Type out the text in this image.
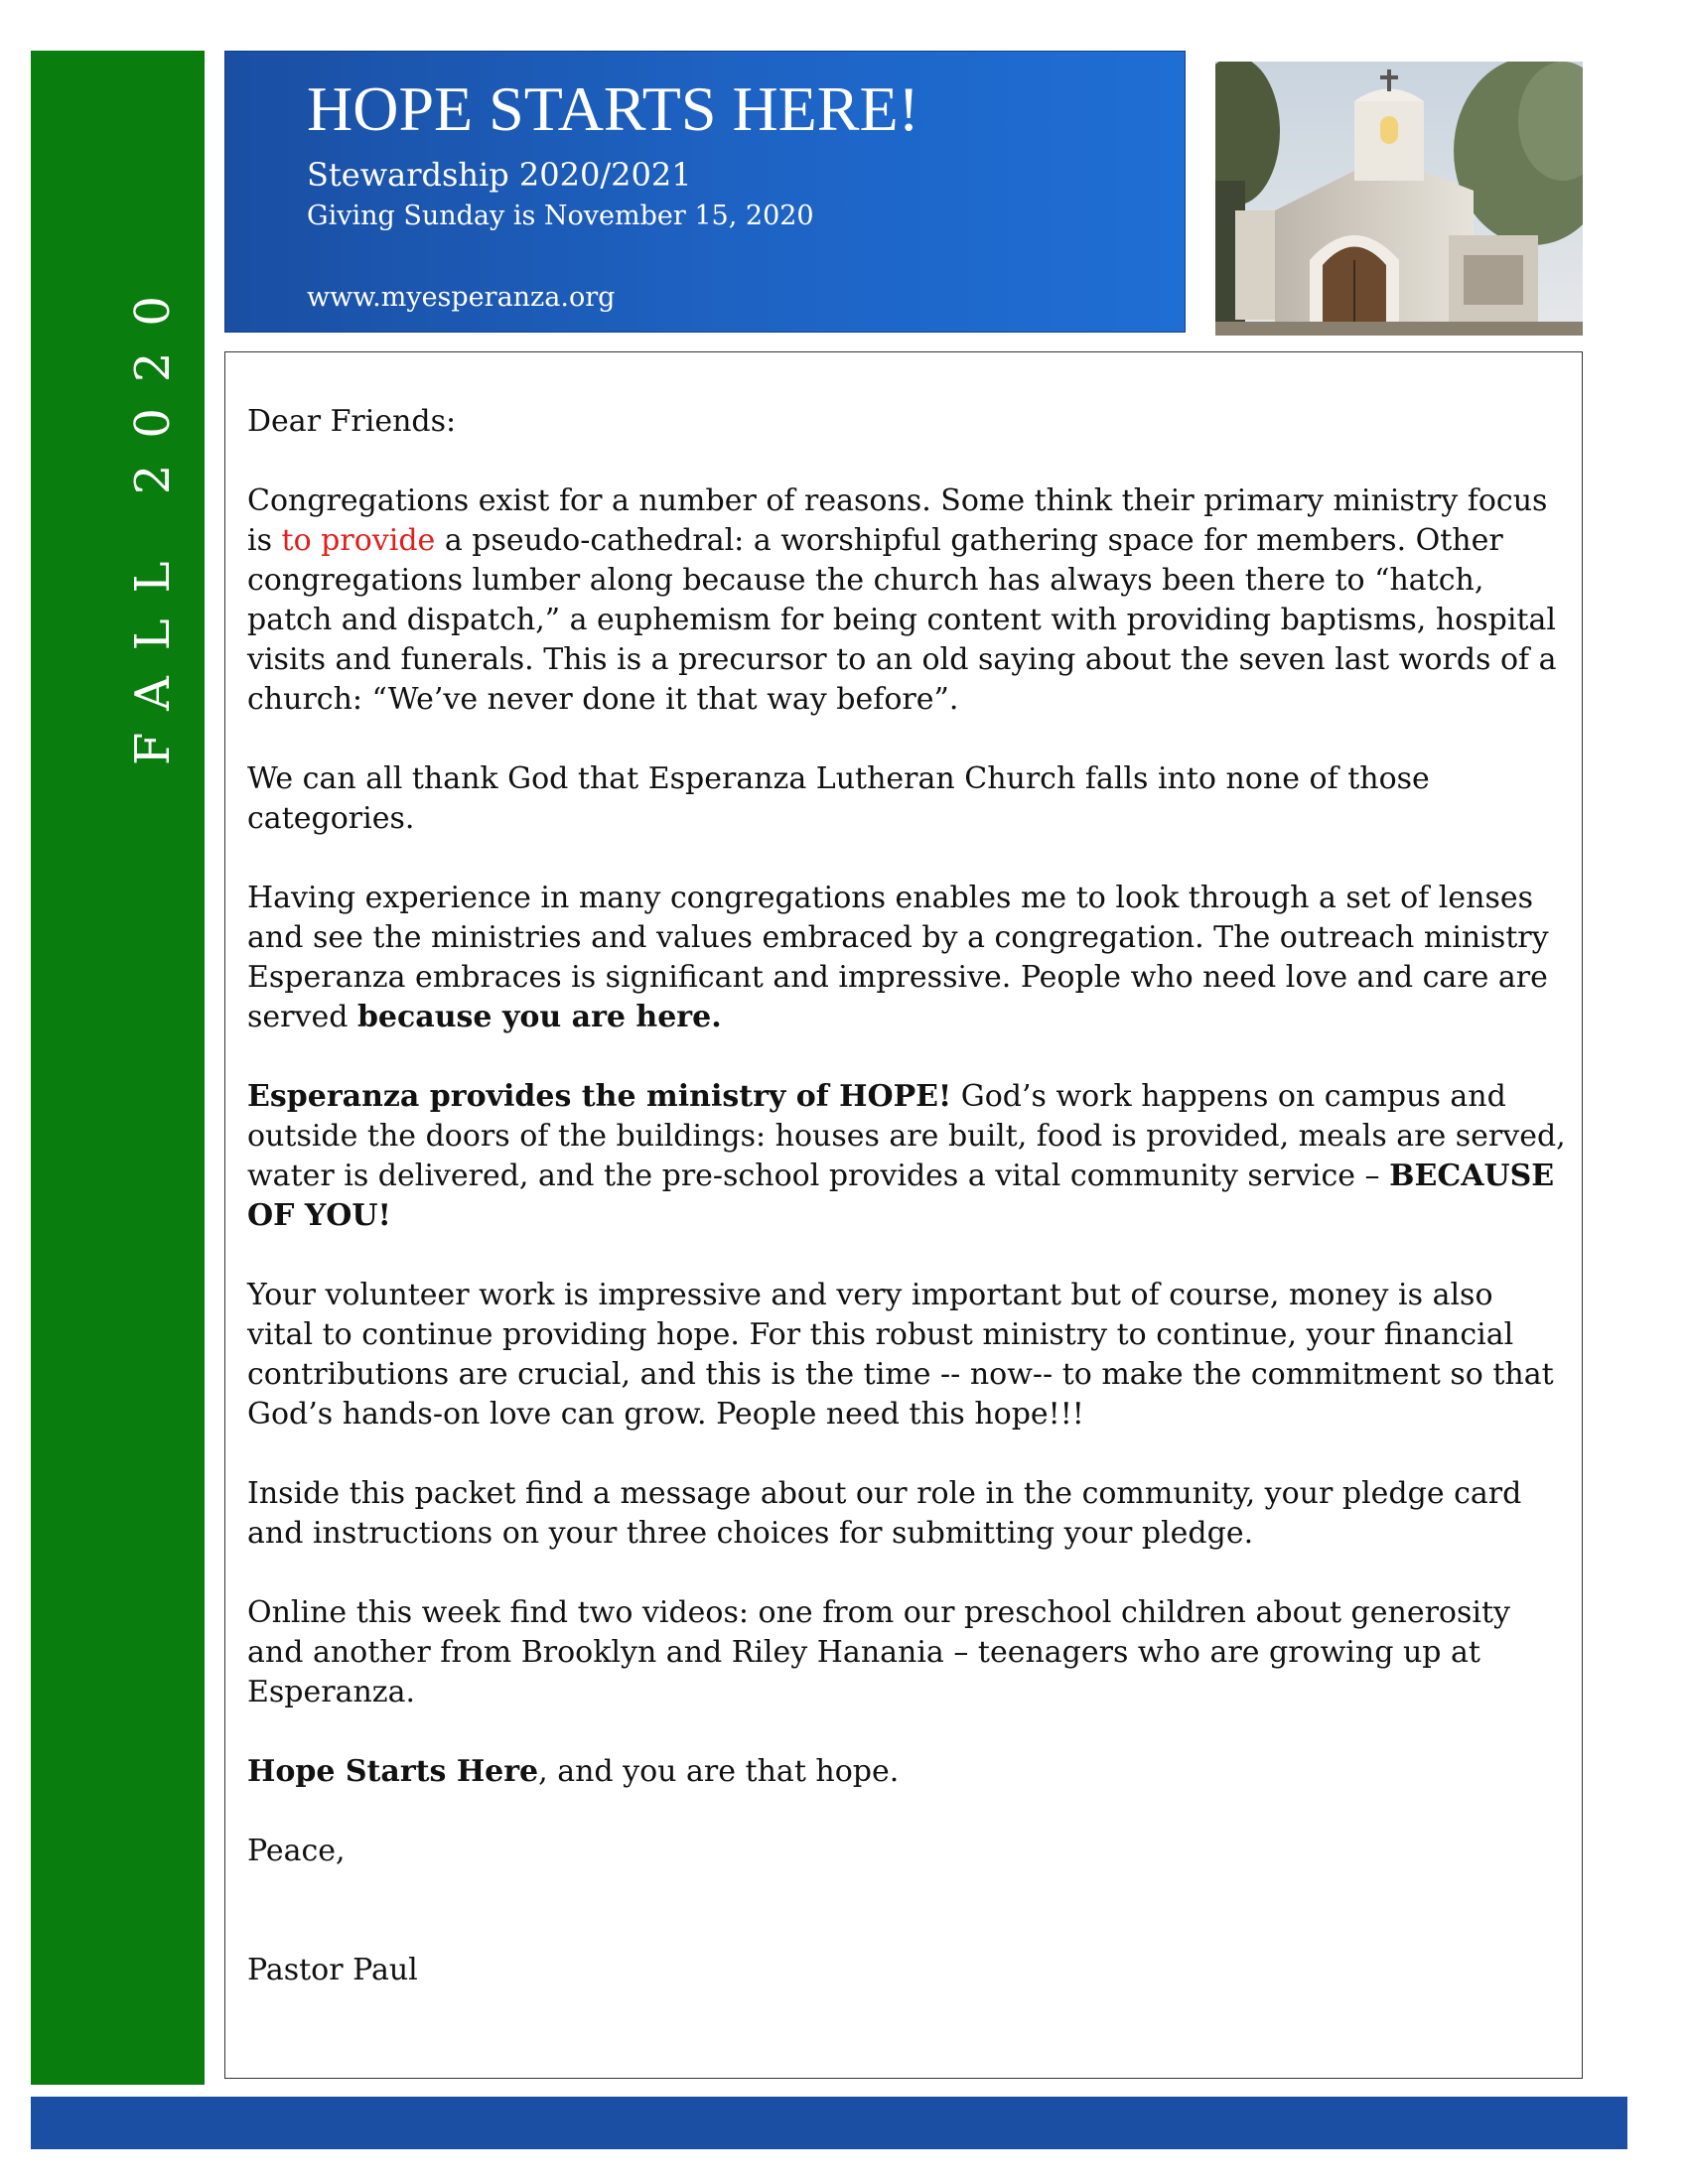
FALL 2020
HOPE STARTS HERE!
Stewardship 2020/2021
Giving Sunday is November 15, 2020
www.myesperanza.org

Dear Friends:

Congregations exist for a number of reasons. Some think their primary ministry focus is to provide a pseudo-cathedral: a worshipful gathering space for members. Other congregations lumber along because the church has always been there to “hatch, patch and dispatch,” a euphemism for being content with providing baptisms, hospital visits and funerals. This is a precursor to an old saying about the seven last words of a church: “We’ve never done it that way before”.

We can all thank God that Esperanza Lutheran Church falls into none of those categories.

Having experience in many congregations enables me to look through a set of lenses and see the ministries and values embraced by a congregation. The outreach ministry Esperanza embraces is significant and impressive. People who need love and care are served because you are here.

Esperanza provides the ministry of HOPE! God’s work happens on campus and outside the doors of the buildings: houses are built, food is provided, meals are served, water is delivered, and the pre-school provides a vital community service – BECAUSE OF YOU!

Your volunteer work is impressive and very important but of course, money is also vital to continue providing hope. For this robust ministry to continue, your financial contributions are crucial, and this is the time -- now-- to make the commitment so that God’s hands-on love can grow. People need this hope!!!

Inside this packet find a message about our role in the community, your pledge card and instructions on your three choices for submitting your pledge.

Online this week find two videos: one from our preschool children about generosity and another from Brooklyn and Riley Hanania – teenagers who are growing up at Esperanza.

Hope Starts Here, and you are that hope.

Peace,

Pastor Paul
